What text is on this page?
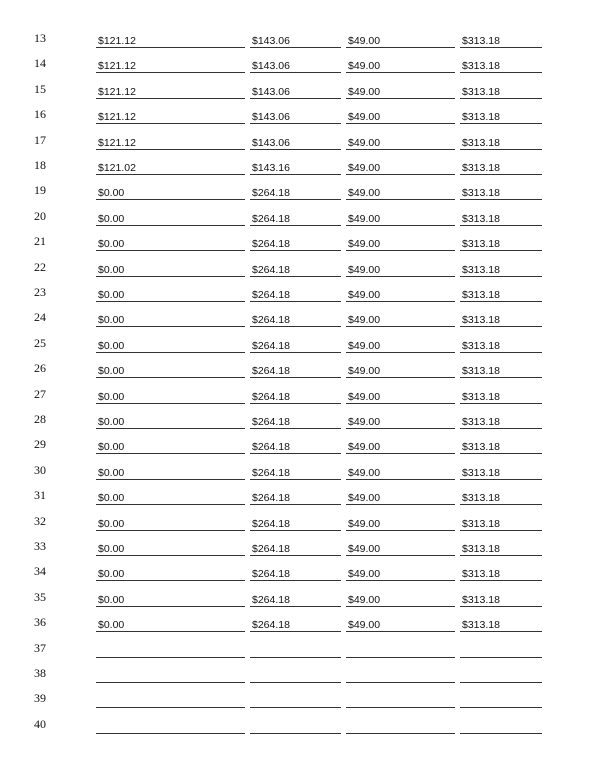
13	$121.12	$143.06	$49.00	$313.18
14	$121.12	$143.06	$49.00	$313.18
15	$121.12	$143.06	$49.00	$313.18
16	$121.12	$143.06	$49.00	$313.18
17	$121.12	$143.06	$49.00	$313.18
18	$121.02	$143.16	$49.00	$313.18
19	$0.00	$264.18	$49.00	$313.18
20	$0.00	$264.18	$49.00	$313.18
21	$0.00	$264.18	$49.00	$313.18
22	$0.00	$264.18	$49.00	$313.18
23	$0.00	$264.18	$49.00	$313.18
24	$0.00	$264.18	$49.00	$313.18
25	$0.00	$264.18	$49.00	$313.18
26	$0.00	$264.18	$49.00	$313.18
27	$0.00	$264.18	$49.00	$313.18
28	$0.00	$264.18	$49.00	$313.18
29	$0.00	$264.18	$49.00	$313.18
30	$0.00	$264.18	$49.00	$313.18
31	$0.00	$264.18	$49.00	$313.18
32	$0.00	$264.18	$49.00	$313.18
33	$0.00	$264.18	$49.00	$313.18
34	$0.00	$264.18	$49.00	$313.18
35	$0.00	$264.18	$49.00	$313.18
36	$0.00	$264.18	$49.00	$313.18
37
38
39
40
